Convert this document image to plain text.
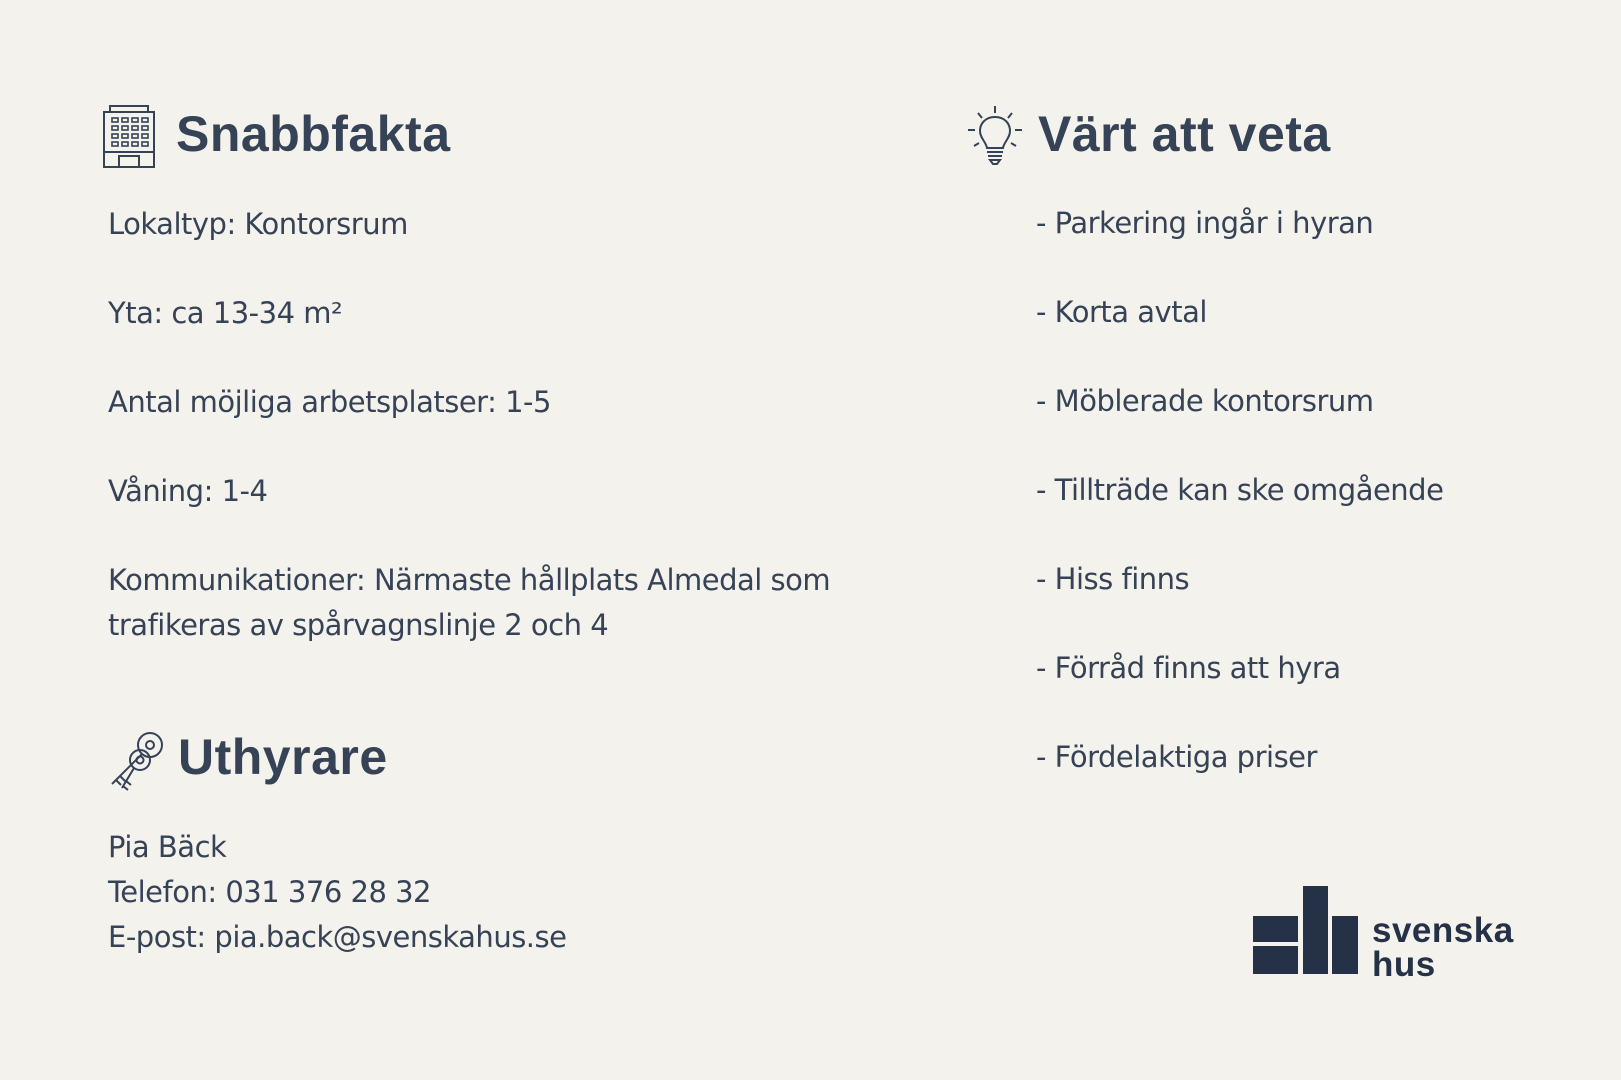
Snabbfakta
Lokaltyp: Kontorsrum
Yta: ca 13-34 m²
Antal möjliga arbetsplatser: 1-5
Våning: 1-4
Kommunikationer: Närmaste hållplats Almedal som
trafikeras av spårvagnslinje 2 och 4
Uthyrare
Pia Bäck
Telefon: 031 376 28 32
E-post: pia.back@svenskahus.se
Värt att veta
- Parkering ingår i hyran
- Korta avtal
- Möblerade kontorsrum
- Tillträde kan ske omgående
- Hiss finns
- Förråd finns att hyra
- Fördelaktiga priser
svenska
hus
